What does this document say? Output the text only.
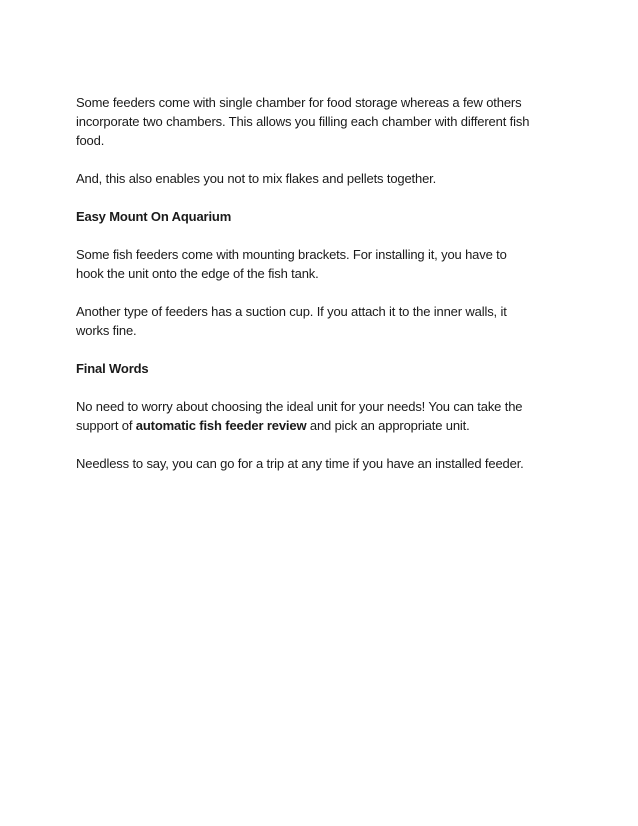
Some feeders come with single chamber for food storage whereas a few others
incorporate two chambers. This allows you filling each chamber with different fish
food.

And, this also enables you not to mix flakes and pellets together.

Easy Mount On Aquarium

Some fish feeders come with mounting brackets. For installing it, you have to
hook the unit onto the edge of the fish tank.

Another type of feeders has a suction cup. If you attach it to the inner walls, it
works fine.

Final Words

No need to worry about choosing the ideal unit for your needs! You can take the
support of automatic fish feeder review and pick an appropriate unit.

Needless to say, you can go for a trip at any time if you have an installed feeder.
